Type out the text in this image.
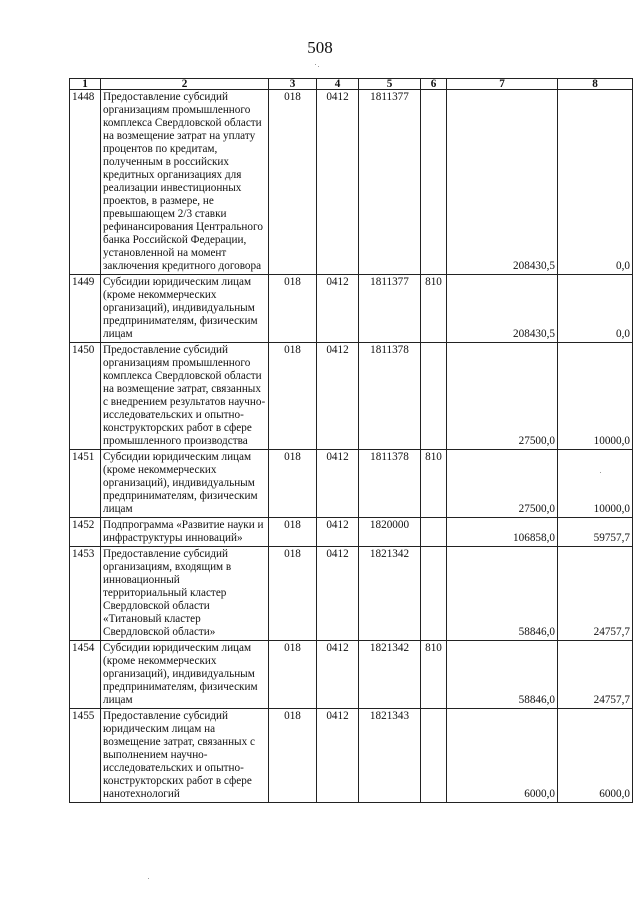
508
1	2	3	4	5	6	7	8
1448	Предоставление субсидий организациям промышленного комплекса Свердловской области на возмещение затрат на уплату процентов по кредитам, полученным в российских кредитных организациях для реализации инвестиционных проектов, в размере, не превышающем 2/3 ставки рефинансирования Центрального банка Российской Федерации, установленной на момент заключения кредитного договора	018	0412	1811377		208430,5	0,0
1449	Субсидии юридическим лицам (кроме некоммерческих организаций), индивидуальным предпринимателям, физическим лицам	018	0412	1811377	810	208430,5	0,0
1450	Предоставление субсидий организациям промышленного комплекса Свердловской области на возмещение затрат, связанных с внедрением результатов научно-исследовательских и опытно-конструкторских работ в сфере промышленного производства	018	0412	1811378		27500,0	10000,0
1451	Субсидии юридическим лицам (кроме некоммерческих организаций), индивидуальным предпринимателям, физическим лицам	018	0412	1811378	810	27500,0	10000,0
1452	Подпрограмма «Развитие науки и инфраструктуры инноваций»	018	0412	1820000		106858,0	59757,7
1453	Предоставление субсидий организациям, входящим в инновационный территориальный кластер Свердловской области «Титановый кластер Свердловской области»	018	0412	1821342		58846,0	24757,7
1454	Субсидии юридическим лицам (кроме некоммерческих организаций), индивидуальным предпринимателям, физическим лицам	018	0412	1821342	810	58846,0	24757,7
1455	Предоставление субсидий юридическим лицам на возмещение затрат, связанных с выполнением научно-исследовательских и опытно-конструкторских работ в сфере нанотехнологий	018	0412	1821343		6000,0	6000,0
